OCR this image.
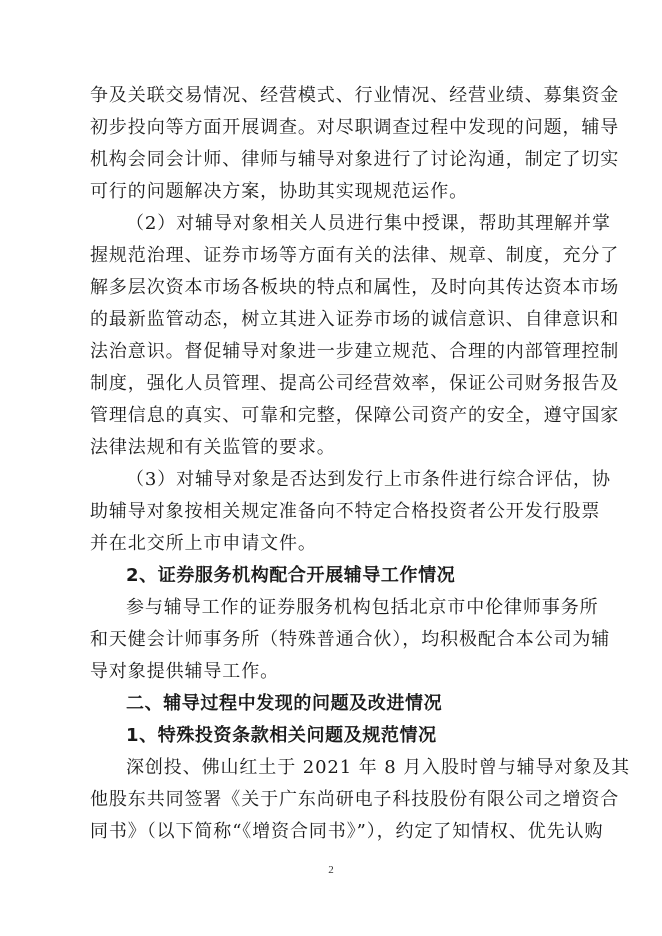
争及关联交易情况、经营模式、行业情况、经营业绩、募集资金
初步投向等方面开展调查。对尽职调查过程中发现的问题，辅导
机构会同会计师、律师与辅导对象进行了讨论沟通，制定了切实
可行的问题解决方案，协助其实现规范运作。
（2）对辅导对象相关人员进行集中授课，帮助其理解并掌
握规范治理、证券市场等方面有关的法律、规章、制度，充分了
解多层次资本市场各板块的特点和属性，及时向其传达资本市场
的最新监管动态，树立其进入证券市场的诚信意识、自律意识和
法治意识。督促辅导对象进一步建立规范、合理的内部管理控制
制度，强化人员管理、提高公司经营效率，保证公司财务报告及
管理信息的真实、可靠和完整，保障公司资产的安全，遵守国家
法律法规和有关监管的要求。
（3）对辅导对象是否达到发行上市条件进行综合评估，协
助辅导对象按相关规定准备向不特定合格投资者公开发行股票
并在北交所上市申请文件。
2、证券服务机构配合开展辅导工作情况
参与辅导工作的证券服务机构包括北京市中伦律师事务所
和天健会计师事务所（特殊普通合伙），均积极配合本公司为辅
导对象提供辅导工作。
二、辅导过程中发现的问题及改进情况
1、特殊投资条款相关问题及规范情况
深创投、佛山红土于 2021 年 8 月入股时曾与辅导对象及其
他股东共同签署《关于广东尚研电子科技股份有限公司之增资合
同书》（以下简称“《增资合同书》”），约定了知情权、优先认购
2
